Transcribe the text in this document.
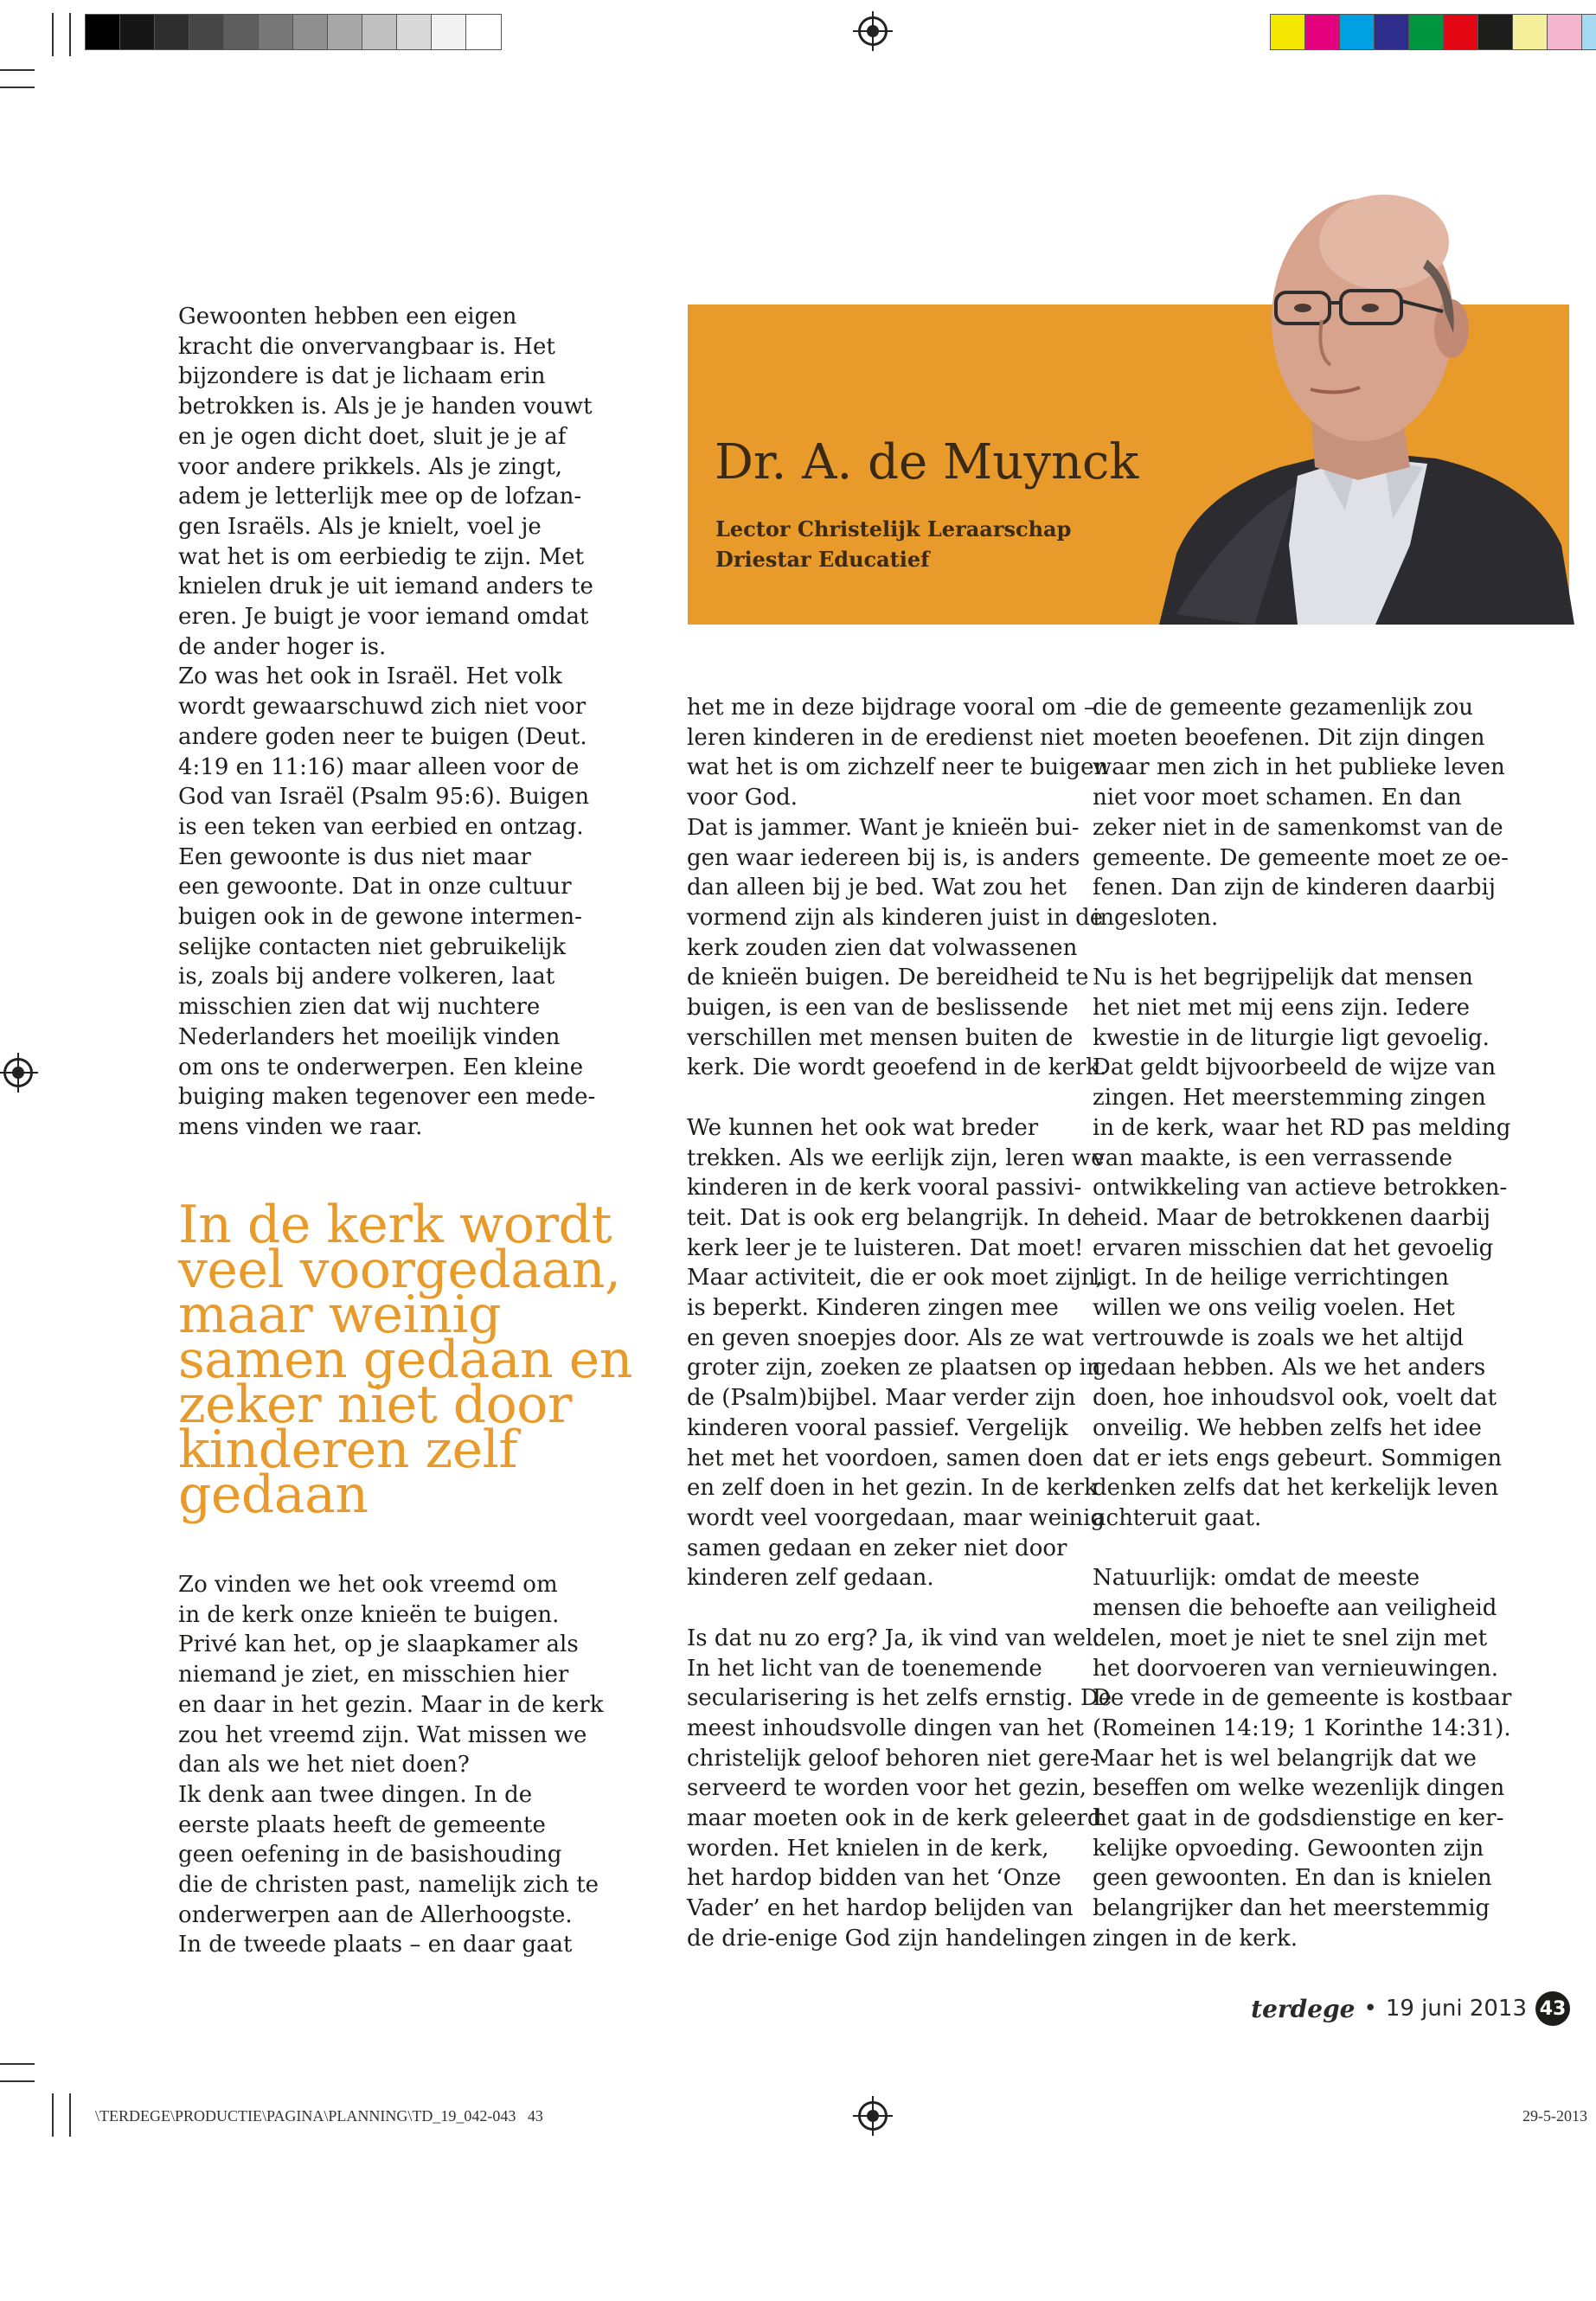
Dr. A. de Muynck
Lector Christelijk Leraarschap
Driestar Educatief
Gewoonten hebben een eigen
kracht die onvervangbaar is. Het
bijzondere is dat je lichaam erin
betrokken is. Als je je handen vouwt
en je ogen dicht doet, sluit je je af
voor andere prikkels. Als je zingt,
adem je letterlijk mee op de lofzan-
gen Israëls. Als je knielt, voel je
wat het is om eerbiedig te zijn. Met
knielen druk je uit iemand anders te
eren. Je buigt je voor iemand omdat
de ander hoger is.
Zo was het ook in Israël. Het volk
wordt gewaarschuwd zich niet voor
andere goden neer te buigen (Deut.
4:19 en 11:16) maar alleen voor de
God van Israël (Psalm 95:6). Buigen
is een teken van eerbied en ontzag.
Een gewoonte is dus niet maar
een gewoonte. Dat in onze cultuur
buigen ook in de gewone intermen-
selijke contacten niet gebruikelijk
is, zoals bij andere volkeren, laat
misschien zien dat wij nuchtere
Nederlanders het moeilijk vinden
om ons te onderwerpen. Een kleine
buiging maken tegenover een mede-
mens vinden we raar.
In de kerk wordt
veel voorgedaan,
maar weinig
samen gedaan en
zeker niet door
kinderen zelf
gedaan
Zo vinden we het ook vreemd om
in de kerk onze knieën te buigen.
Privé kan het, op je slaapkamer als
niemand je ziet, en misschien hier
en daar in het gezin. Maar in de kerk
zou het vreemd zijn. Wat missen we
dan als we het niet doen?
Ik denk aan twee dingen. In de
eerste plaats heeft de gemeente
geen oefening in de basishouding
die de christen past, namelijk zich te
onderwerpen aan de Allerhoogste.
In de tweede plaats – en daar gaat
het me in deze bijdrage vooral om –
leren kinderen in de eredienst niet
wat het is om zichzelf neer te buigen
voor God.
Dat is jammer. Want je knieën bui-
gen waar iedereen bij is, is anders
dan alleen bij je bed. Wat zou het
vormend zijn als kinderen juist in de
kerk zouden zien dat volwassenen
de knieën buigen. De bereidheid te
buigen, is een van de beslissende
verschillen met mensen buiten de
kerk. Die wordt geoefend in de kerk.

We kunnen het ook wat breder
trekken. Als we eerlijk zijn, leren we
kinderen in de kerk vooral passivi-
teit. Dat is ook erg belangrijk. In de
kerk leer je te luisteren. Dat moet!
Maar activiteit, die er ook moet zijn,
is beperkt. Kinderen zingen mee
en geven snoepjes door. Als ze wat
groter zijn, zoeken ze plaatsen op in
de (Psalm)bijbel. Maar verder zijn
kinderen vooral passief. Vergelijk
het met het voordoen, samen doen
en zelf doen in het gezin. In de kerk
wordt veel voorgedaan, maar weinig
samen gedaan en zeker niet door
kinderen zelf gedaan.

Is dat nu zo erg? Ja, ik vind van wel.
In het licht van de toenemende
secularisering is het zelfs ernstig. De
meest inhoudsvolle dingen van het
christelijk geloof behoren niet gere-
serveerd te worden voor het gezin,
maar moeten ook in de kerk geleerd
worden. Het knielen in de kerk,
het hardop bidden van het ‘Onze
Vader’ en het hardop belijden van
de drie-enige God zijn handelingen
die de gemeente gezamenlijk zou
moeten beoefenen. Dit zijn dingen
waar men zich in het publieke leven
niet voor moet schamen. En dan
zeker niet in de samenkomst van de
gemeente. De gemeente moet ze oe-
fenen. Dan zijn de kinderen daarbij
ingesloten.

Nu is het begrijpelijk dat mensen
het niet met mij eens zijn. Iedere
kwestie in de liturgie ligt gevoelig.
Dat geldt bijvoorbeeld de wijze van
zingen. Het meerstemming zingen
in de kerk, waar het RD pas melding
van maakte, is een verrassende
ontwikkeling van actieve betrokken-
heid. Maar de betrokkenen daarbij
ervaren misschien dat het gevoelig
ligt. In de heilige verrichtingen
willen we ons veilig voelen. Het
vertrouwde is zoals we het altijd
gedaan hebben. Als we het anders
doen, hoe inhoudsvol ook, voelt dat
onveilig. We hebben zelfs het idee
dat er iets engs gebeurt. Sommigen
denken zelfs dat het kerkelijk leven
achteruit gaat.

Natuurlijk: omdat de meeste
mensen die behoefte aan veiligheid
delen, moet je niet te snel zijn met
het doorvoeren van vernieuwingen.
De vrede in de gemeente is kostbaar
(Romeinen 14:19; 1 Korinthe 14:31).
Maar het is wel belangrijk dat we
beseffen om welke wezenlijk dingen
het gaat in de godsdienstige en ker-
kelijke opvoeding. Gewoonten zijn
geen gewoonten. En dan is knielen
belangrijker dan het meerstemmig
zingen in de kerk.
terdege • 19 juni 2013 43
\TERDEGE\PRODUCTIE\PAGINA\PLANNING\TD_19_042-043   43	29-5-2013
